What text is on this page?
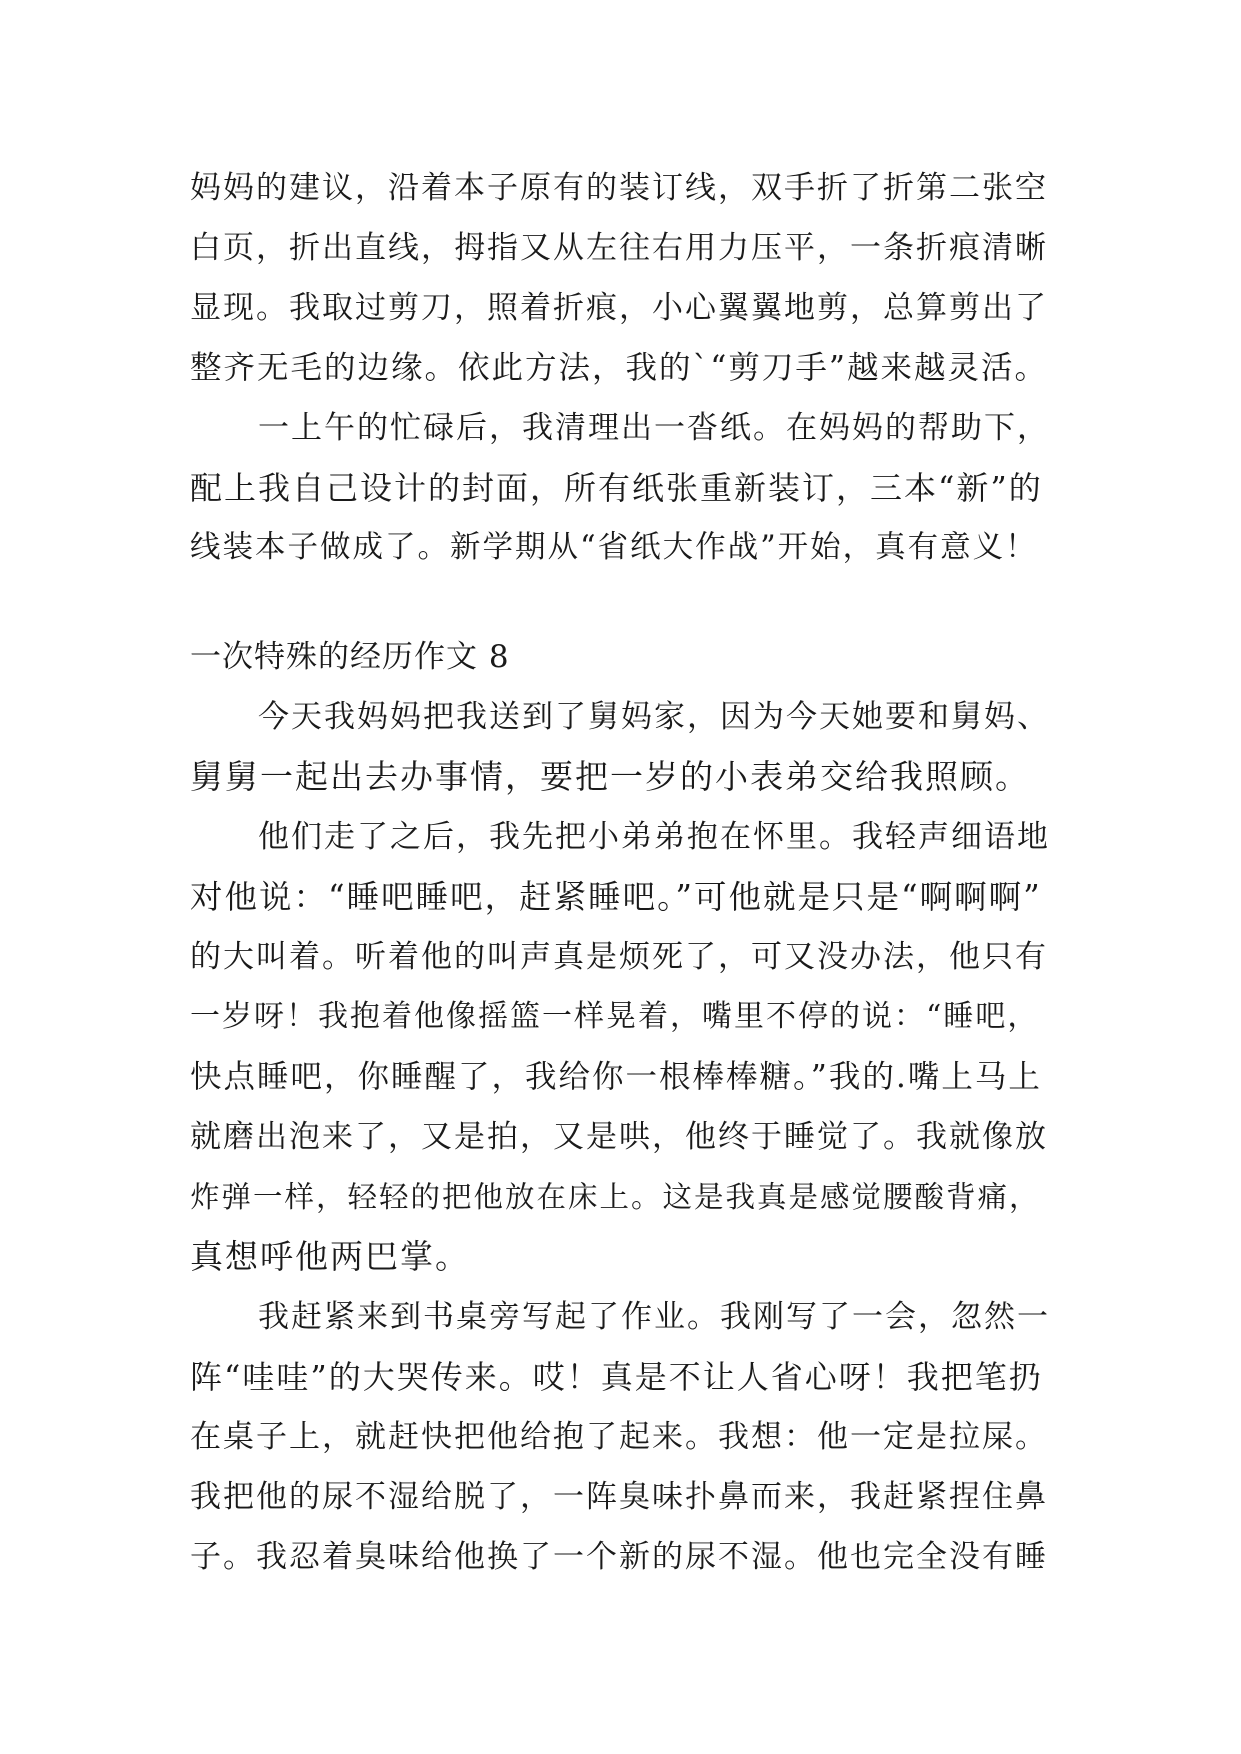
妈妈的建议，沿着本子原有的装订线，双手折了折第二张空

白页，折出直线，拇指又从左往右用力压平，一条折痕清晰

显现。我取过剪刀，照着折痕，小心翼翼地剪，总算剪出了

整齐无毛的边缘。依此方法，我的`“剪刀手”越来越灵活。

一上午的忙碌后，我清理出一沓纸。在妈妈的帮助下，

配上我自己设计的封面，所有纸张重新装订，三本“新”的

线装本子做成了。新学期从“省纸大作战”开始，真有意义！

一次特殊的经历作文 8

今天我妈妈把我送到了舅妈家，因为今天她要和舅妈、

舅舅一起出去办事情，要把一岁的小表弟交给我照顾。

他们走了之后，我先把小弟弟抱在怀里。我轻声细语地

对他说：“睡吧睡吧，赶紧睡吧。”可他就是只是“啊啊啊”

的大叫着。听着他的叫声真是烦死了，可又没办法，他只有

一岁呀！我抱着他像摇篮一样晃着，嘴里不停的说：“睡吧，

快点睡吧，你睡醒了，我给你一根棒棒糖。”我的.嘴上马上

就磨出泡来了，又是拍，又是哄，他终于睡觉了。我就像放

炸弹一样，轻轻的把他放在床上。这是我真是感觉腰酸背痛，

真想呼他两巴掌。

我赶紧来到书桌旁写起了作业。我刚写了一会，忽然一

阵“哇哇”的大哭传来。哎！真是不让人省心呀！我把笔扔

在桌子上，就赶快把他给抱了起来。我想：他一定是拉屎。

我把他的尿不湿给脱了，一阵臭味扑鼻而来，我赶紧捏住鼻

子。我忍着臭味给他换了一个新的尿不湿。他也完全没有睡
